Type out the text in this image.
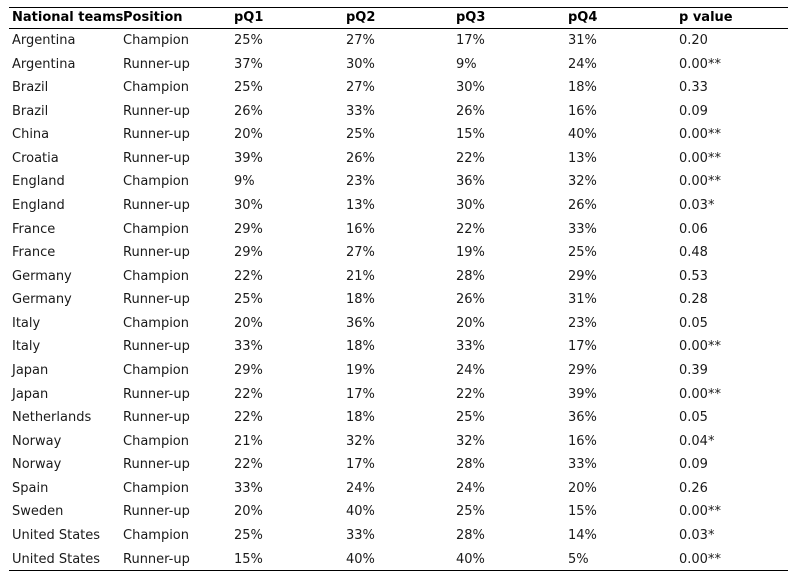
National teams Position	pQ1	pQ2	pQ3	pQ4	p value
Argentina	Champion	25%	27%	17%	31%	0.20
Argentina	Runner-up	37%	30%	9%	24%	0.00**
Brazil	Champion	25%	27%	30%	18%	0.33
Brazil	Runner-up	26%	33%	26%	16%	0.09
China	Runner-up	20%	25%	15%	40%	0.00**
Croatia	Runner-up	39%	26%	22%	13%	0.00**
England	Champion	9%	23%	36%	32%	0.00**
England	Runner-up	30%	13%	30%	26%	0.03*
France	Champion	29%	16%	22%	33%	0.06
France	Runner-up	29%	27%	19%	25%	0.48
Germany	Champion	22%	21%	28%	29%	0.53
Germany	Runner-up	25%	18%	26%	31%	0.28
Italy	Champion	20%	36%	20%	23%	0.05
Italy	Runner-up	33%	18%	33%	17%	0.00**
Japan	Champion	29%	19%	24%	29%	0.39
Japan	Runner-up	22%	17%	22%	39%	0.00**
Netherlands Runner-up	22%	18%	25%	36%	0.05
Norway	Champion	21%	32%	32%	16%	0.04*
Norway	Runner-up	22%	17%	28%	33%	0.09
Spain	Champion	33%	24%	24%	20%	0.26
Sweden	Runner-up	20%	40%	25%	15%	0.00**
United States Champion	25%	33%	28%	14%	0.03*
United States Runner-up	15%	40%	40%	5%	0.00**
